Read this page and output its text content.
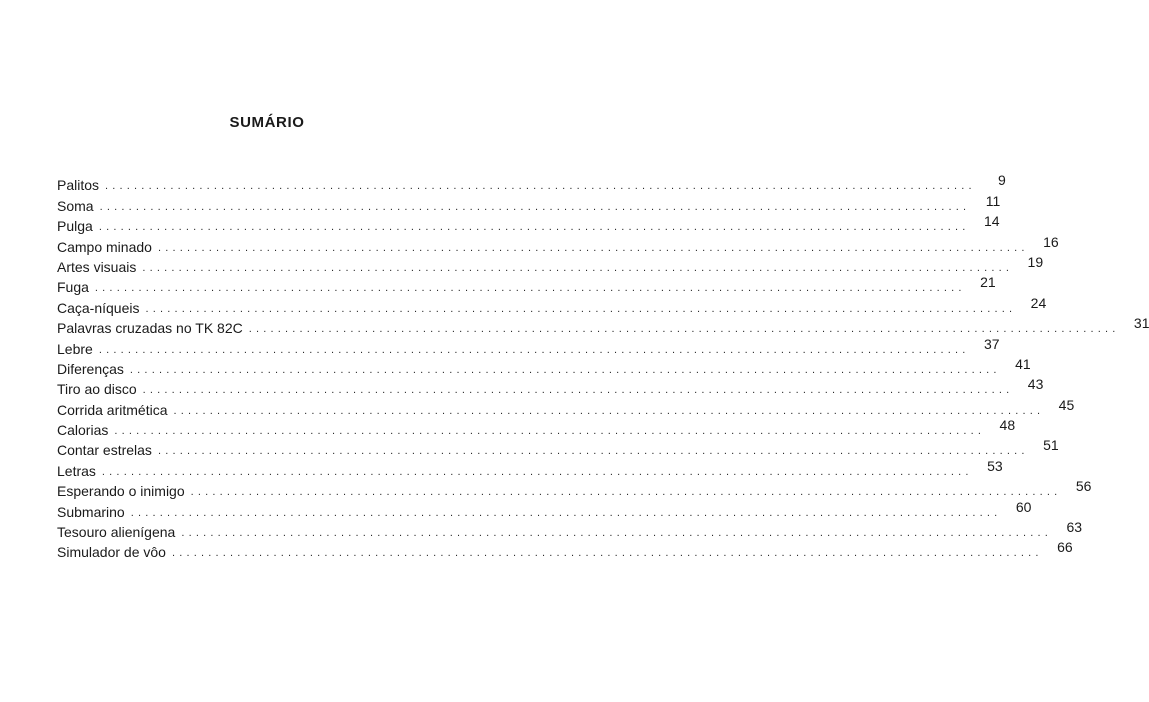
SUMÁRIO
Palitos ........................................................................................................................	9
Soma ........................................................................................................................	11
Pulga ........................................................................................................................	14
Campo minado ........................................................................................................................	16
Artes visuais ........................................................................................................................	19
Fuga ........................................................................................................................	21
Caça-níqueis ........................................................................................................................	24
Palavras cruzadas no TK 82C ........................................................................................................................	31
Lebre ........................................................................................................................	37
Diferenças ........................................................................................................................	41
Tiro ao disco ........................................................................................................................	43
Corrida aritmética ........................................................................................................................	45
Calorias ........................................................................................................................	48
Contar estrelas ........................................................................................................................	51
Letras ........................................................................................................................	53
Esperando o inimigo ........................................................................................................................	56
Submarino ........................................................................................................................	60
Tesouro alienígena ........................................................................................................................	63
Simulador de vôo ........................................................................................................................	66
